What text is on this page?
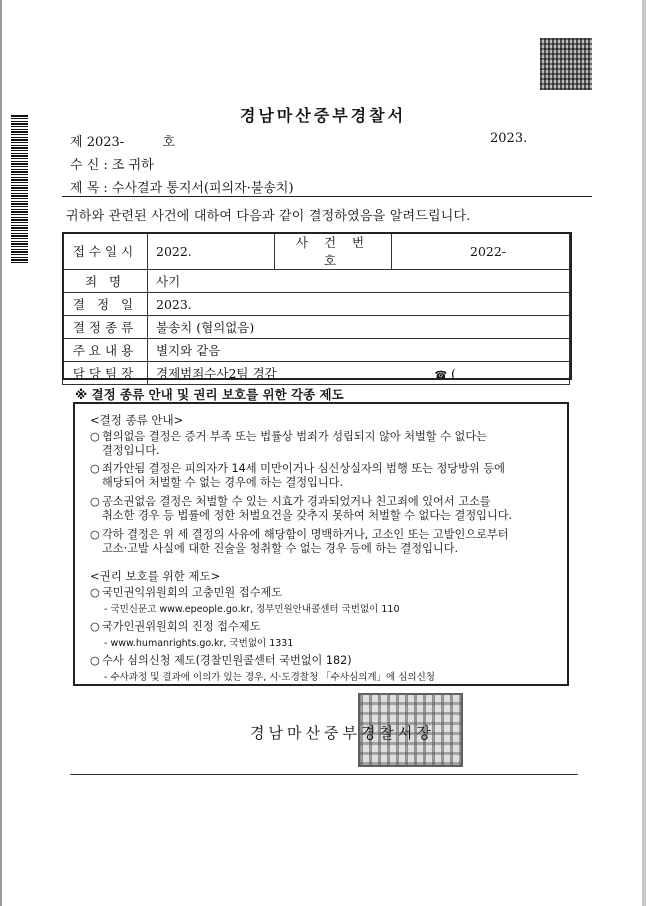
경남마산중부경찰서
제 2023-	호	2023.
수 신 : 조 귀하
제 목 : 수사결과 통지서(피의자·불송치)
귀하와 관련된 사건에 대하여 다음과 같이 결정하였음을 알려드립니다.
접수일시	2022.	사 건 번 호	2022-
죄 명	사기		
결 정 일	2023.		
결정종류	불송치 (혐의없음)		
주요내용	별지와 같음		
담당팀장	경제범죄수사2팀 경감 ☎ (		
※ 결정 종류 안내 및 권리 보호를 위한 각종 제도
<결정 종류 안내>
○ 혐의없음 결정은 증거 부족 또는 법률상 범죄가 성립되지 않아 처벌할 수 없다는
결정입니다.
○ 죄가안됨 결정은 피의자가 14세 미만이거나 심신상실자의 범행 또는 정당방위 등에
해당되어 처벌할 수 없는 경우에 하는 결정입니다.
○ 공소권없음 결정은 처벌할 수 있는 시효가 경과되었거나 친고죄에 있어서 고소를
취소한 경우 등 법률에 정한 처벌요건을 갖추지 못하여 처벌할 수 없다는 결정입니다.
○ 각하 결정은 위 세 결정의 사유에 해당함이 명백하거나, 고소인 또는 고발인으로부터
고소·고발 사실에 대한 진술을 청취할 수 없는 경우 등에 하는 결정입니다.
<권리 보호를 위한 제도>
○ 국민권익위원회의 고충민원 접수제도
- 국민신문고 www.epeople.go.kr, 정부민원안내콜센터 국번없이 110
○ 국가인권위원회의 진정 접수제도
- www.humanrights.go.kr, 국번없이 1331
○ 수사 심의신청 제도(경찰민원콜센터 국번없이 182)
- 수사과정 및 결과에 이의가 있는 경우, 시·도경찰청 「수사심의계」에 심의신청
경남마산중부경찰서장
